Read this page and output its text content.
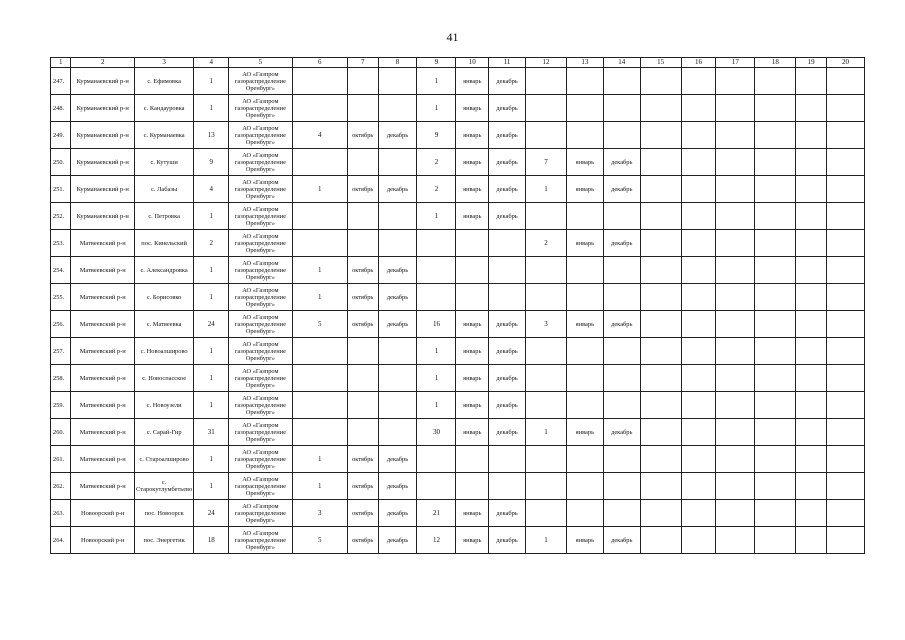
41
1	2	3	4	5	6	7	8	9	10	11	12	13	14	15	16	17	18	19	20
247.	Курманаевский р-н	с. Ефимовка	1	АО «Газпром газораспределение Оренбург»				1	январь	декабрь									
248.	Курманаевский р-н	с. Кандауровка	1	АО «Газпром газораспределение Оренбург»				1	январь	декабрь									
249.	Курманаевский р-н	с. Курманаевка	13	АО «Газпром газораспределение Оренбург»	4	октябрь	декабрь	9	январь	декабрь									
250.	Курманаевский р-н	с. Кутуши	9	АО «Газпром газораспределение Оренбург»				2	январь	декабрь	7	январь	декабрь						
251.	Курманаевский р-н	с. Лабазы	4	АО «Газпром газораспределение Оренбург»	1	октябрь	декабрь	2	январь	декабрь	1	январь	декабрь						
252.	Курманаевский р-н	с. Петровка	1	АО «Газпром газораспределение Оренбург»				1	январь	декабрь									
253.	Матвеевский р-н	пос. Кинельский	2	АО «Газпром газораспределение Оренбург»							2	январь	декабрь						
254.	Матвеевский р-н	с. Александровка	1	АО «Газпром газораспределение Оренбург»	1	октябрь	декабрь												
255.	Матвеевский р-н	с. Борисовко	1	АО «Газпром газораспределение Оренбург»	1	октябрь	декабрь												
256.	Матвеевский р-н	с. Матвеевка	24	АО «Газпром газораспределение Оренбург»	5	октябрь	декабрь	16	январь	декабрь	3	январь	декабрь						
257.	Матвеевский р-н	с. Новоалширово	1	АО «Газпром газораспределение Оренбург»				1	январь	декабрь									
258.	Матвеевский р-н	с. Новоспасское	1	АО «Газпром газораспределение Оренбург»				1	январь	декабрь									
259.	Матвеевский р-н	с. Новоузели	1	АО «Газпром газораспределение Оренбург»				1	январь	декабрь									
260.	Матвеевский р-н	с. Сарай-Гир	31	АО «Газпром газораспределение Оренбург»				30	январь	декабрь	1	январь	декабрь						
261.	Матвеевский р-н	с. Староалширово	1	АО «Газпром газораспределение Оренбург»	1	октябрь	декабрь												
262.	Матвеевский р-н	с. Старокутлумбетьево	1	АО «Газпром газораспределение Оренбург»	1	октябрь	декабрь												
263.	Новоорский р-н	пос. Новоорск	24	АО «Газпром газораспределение Оренбург»	3	октябрь	декабрь	21	январь	декабрь									
264.	Новоорский р-н	пос. Энергетик	18	АО «Газпром газораспределение Оренбург»	5	октябрь	декабрь	12	январь	декабрь	1	январь	декабрь						
